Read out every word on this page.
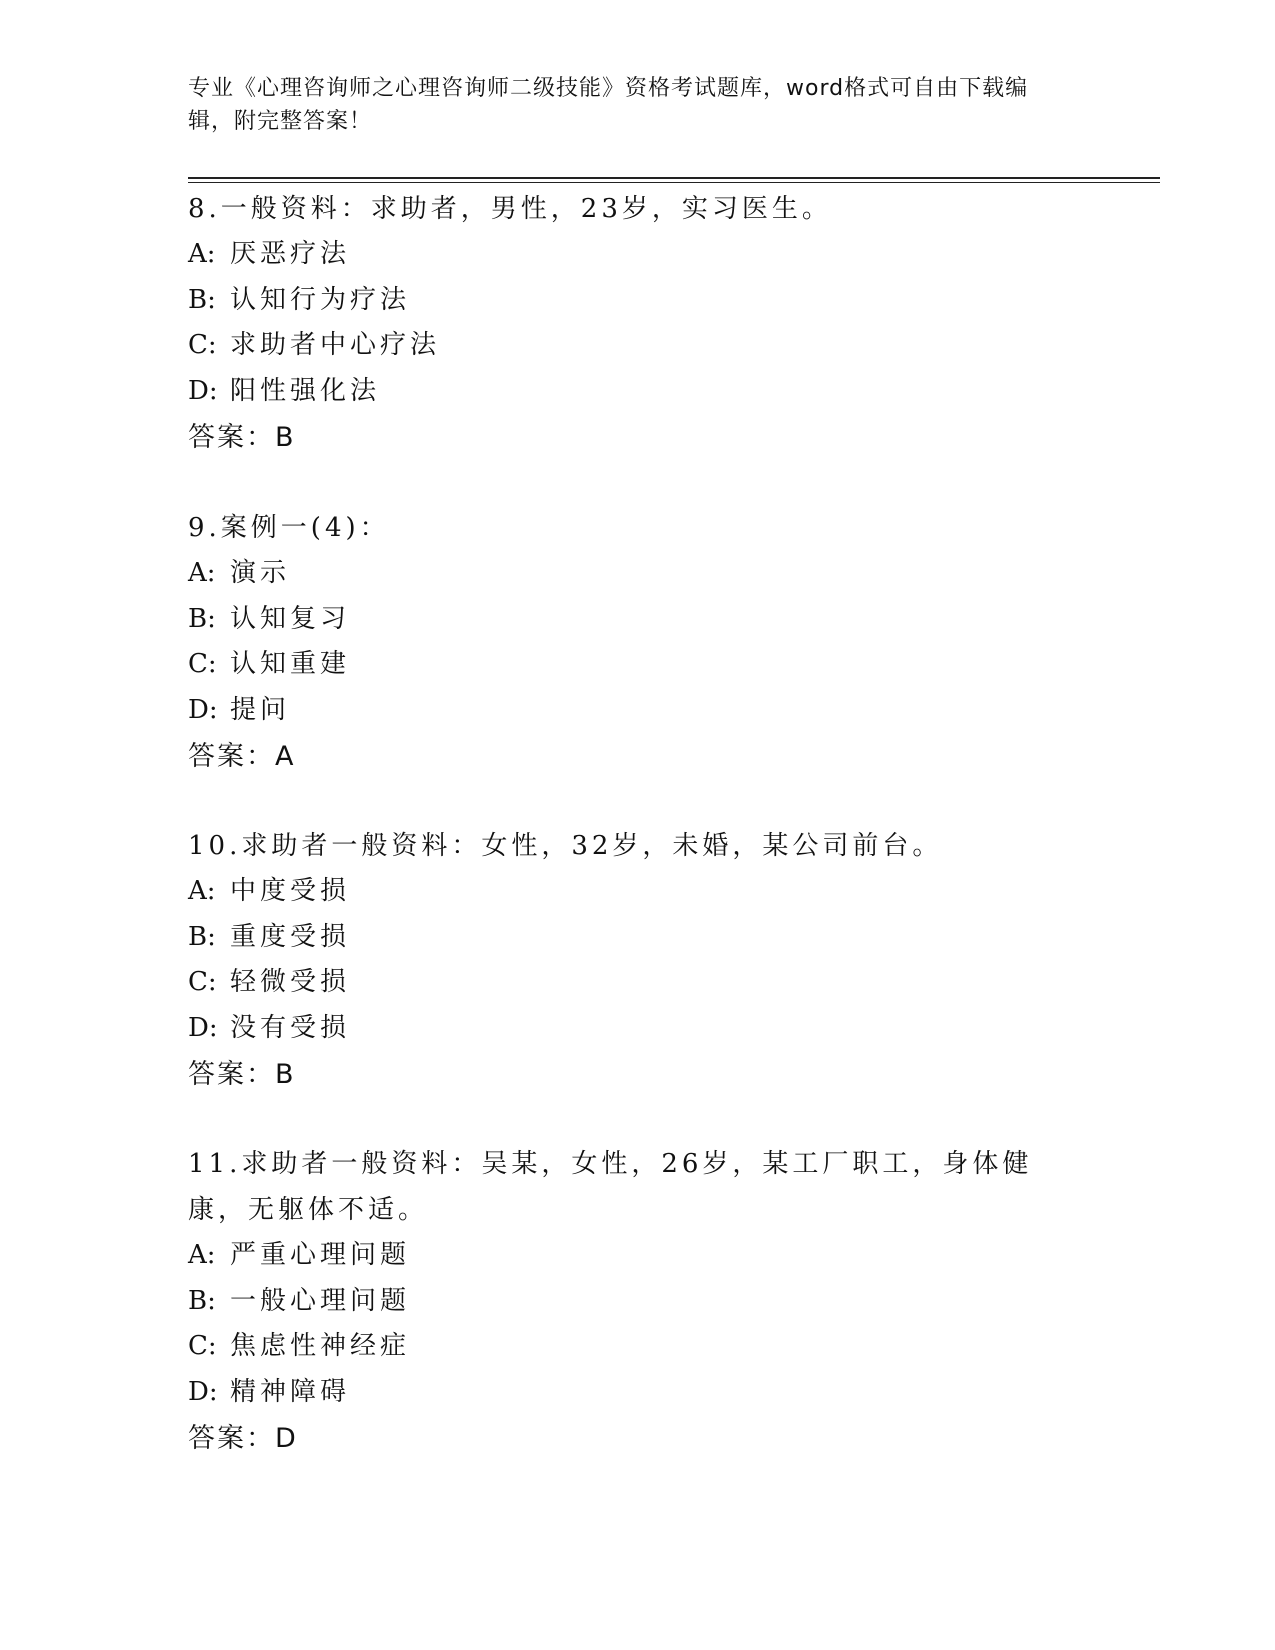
专业《心理咨询师之心理咨询师二级技能》资格考试题库，word格式可自由下载编辑，附完整答案！
8.一般资料：求助者，男性，23岁，实习医生。
A: 厌恶疗法
B: 认知行为疗法
C: 求助者中心疗法
D: 阳性强化法
答案：B
9.案例一(4)：
A: 演示
B: 认知复习
C: 认知重建
D: 提问
答案：A
10.求助者一般资料：女性，32岁，未婚，某公司前台。
A: 中度受损
B: 重度受损
C: 轻微受损
D: 没有受损
答案：B
11.求助者一般资料：吴某，女性，26岁，某工厂职工，身体健康，无躯体不适。
A: 严重心理问题
B: 一般心理问题
C: 焦虑性神经症
D: 精神障碍
答案：D
